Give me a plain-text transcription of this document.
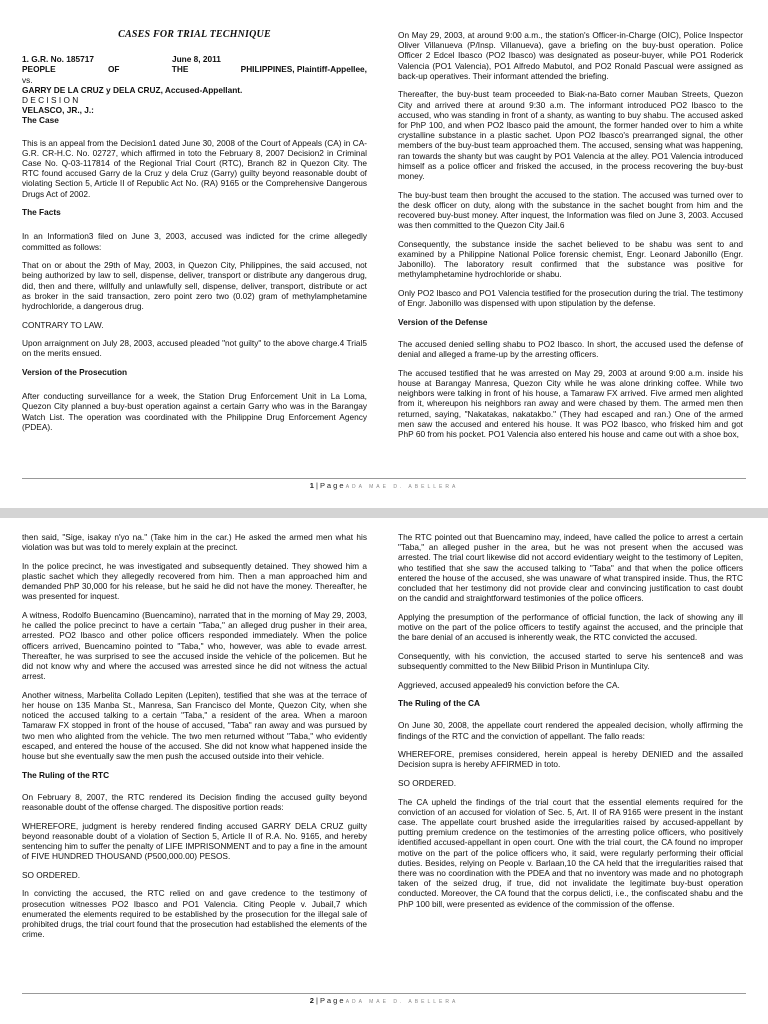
CASES FOR TRIAL TECHNIQUE
1. G.R. No. 185717	June 8, 2011
PEOPLE	OF	THE	PHILIPPINES, Plaintiff-Appellee,
vs.
GARRY DE LA CRUZ y DELA CRUZ, Accused-Appellant.
D E C I S I O N
VELASCO, JR., J.:

The Case

This is an appeal from the Decision1 dated June 30, 2008 of the Court of Appeals (CA) in CA-G.R. CR-H.C. No. 02727, which affirmed in toto the February 8, 2007 Decision2 in Criminal Case No. Q-03-117814 of the Regional Trial Court (RTC), Branch 82 in Quezon City. The RTC found accused Garry de la Cruz y dela Cruz (Garry) guilty beyond reasonable doubt of violating Section 5, Article II of Republic Act No. (RA) 9165 or the Comprehensive Dangerous Drugs Act of 2002.

The Facts

In an Information3 filed on June 3, 2003, accused was indicted for the crime allegedly committed as follows:

That on or about the 29th of May, 2003, in Quezon City, Philippines, the said accused, not being authorized by law to sell, dispense, deliver, transport or distribute any dangerous drug, did, then and there, willfully and unlawfully sell, dispense, deliver, transport, distribute or act as broker in the said transaction, zero point zero two (0.02) gram of methylamphetamine hydrochloride, a dangerous drug.

CONTRARY TO LAW.

Upon arraignment on July 28, 2003, accused pleaded "not guilty" to the above charge.4 Trial5 on the merits ensued.

Version of the Prosecution

After conducting surveillance for a week, the Station Drug Enforcement Unit in La Loma, Quezon City planned a buy-bust operation against a certain Garry who was in the Barangay Watch List. The operation was coordinated with the Philippine Drug Enforcement Agency (PDEA).

On May 29, 2003, at around 9:00 a.m., the station's Officer-in-Charge (OIC), Police Inspector Oliver Villanueva (P/Insp. Villanueva), gave a briefing on the buy-bust operation. Police Officer 2 Edcel Ibasco (PO2 Ibasco) was designated as poseur-buyer, while PO1 Roderick Valencia (PO1 Valencia), PO1 Alfredo Mabutol, and PO2 Ronald Pascual were assigned as back-up operatives. Their informant attended the briefing.

Thereafter, the buy-bust team proceeded to Biak-na-Bato corner Mauban Streets, Quezon City and arrived there at around 9:30 a.m. The informant introduced PO2 Ibasco to the accused, who was standing in front of a shanty, as wanting to buy shabu. The accused asked for PhP 100, and when PO2 Ibasco paid the amount, the former handed over to him a white crystalline substance in a plastic sachet. Upon PO2 Ibasco's prearranged signal, the other members of the buy-bust team approached them. The accused, sensing what was happening, ran towards the shanty but was caught by PO1 Valencia at the alley. PO1 Valencia introduced himself as a police officer and frisked the accused, in the process recovering the buy-bust money.

The buy-bust team then brought the accused to the station. The accused was turned over to the desk officer on duty, along with the substance in the sachet bought from him and the recovered buy-bust money. After inquest, the Information was filed on June 3, 2003. Accused was then committed to the Quezon City Jail.6

Consequently, the substance inside the sachet believed to be shabu was sent to and examined by a Philippine National Police forensic chemist, Engr. Leonard Jabonillo (Engr. Jabonillo). The laboratory result confirmed that the substance was positive for methylamphetamine hydrochloride or shabu.

Only PO2 Ibasco and PO1 Valencia testified for the prosecution during the trial. The testimony of Engr. Jabonillo was dispensed with upon stipulation by the defense.

Version of the Defense

The accused denied selling shabu to PO2 Ibasco. In short, the accused used the defense of denial and alleged a frame-up by the arresting officers.

The accused testified that he was arrested on May 29, 2003 at around 9:00 a.m. inside his house at Barangay Manresa, Quezon City while he was alone drinking coffee. While two neighbors were talking in front of his house, a Tamaraw FX arrived. Five armed men alighted from it, whereupon his neighbors ran away and were chased by them. The armed men then returned, saying, "Nakatakas, nakatakbo." (They had escaped and ran.) One of the armed men saw the accused and entered his house. It was PO2 Ibasco, who frisked him and got PhP 60 from his pocket. PO1 Valencia also entered his house and came out with a shoe box,

1 | P a g e ADA MAE D. ABELLERA

then said, "Sige, isakay n'yo na." (Take him in the car.) He asked the armed men what his violation was but was told to merely explain at the precinct.

In the police precinct, he was investigated and subsequently detained. They showed him a plastic sachet which they allegedly recovered from him. Then a man approached him and demanded PhP 30,000 for his release, but he said he did not have the money. Thereafter, he was presented for inquest.

A witness, Rodolfo Buencamino (Buencamino), narrated that in the morning of May 29, 2003, he called the police precinct to have a certain "Taba," an alleged drug pusher in their area, arrested. PO2 Ibasco and other police officers responded immediately. When the police officers arrived, Buencamino pointed to "Taba," who, however, was able to evade arrest. Thereafter, he was surprised to see the accused inside the vehicle of the policemen. But he did not know why and where the accused was arrested since he did not witness the actual arrest.

Another witness, Marbelita Collado Lepiten (Lepiten), testified that she was at the terrace of her house on 135 Manba St., Manresa, San Francisco del Monte, Quezon City, when she noticed the accused talking to a certain "Taba," a resident of the area. When a maroon Tamaraw FX stopped in front of the house of accused, "Taba" ran away and was pursued by two men who alighted from the vehicle. The two men returned without "Taba," who evidently escaped, and entered the house of the accused. She did not know what happened inside the house but she eventually saw the men push the accused outside into their vehicle.

The Ruling of the RTC

On February 8, 2007, the RTC rendered its Decision finding the accused guilty beyond reasonable doubt of the offense charged. The dispositive portion reads:

WHEREFORE, judgment is hereby rendered finding accused GARRY DELA CRUZ guilty beyond reasonable doubt of a violation of Section 5, Article II of R.A. No. 9165, and hereby sentencing him to suffer the penalty of LIFE IMPRISONMENT and to pay a fine in the amount of FIVE HUNDRED THOUSAND (P500,000.00) PESOS.

SO ORDERED.

In convicting the accused, the RTC relied on and gave credence to the testimony of prosecution witnesses PO2 Ibasco and PO1 Valencia. Citing People v. Jubail,7 which enumerated the elements required to be established by the prosecution for the illegal sale of prohibited drugs, the trial court found that the prosecution had established the elements of the crime.

The RTC pointed out that Buencamino may, indeed, have called the police to arrest a certain "Taba," an alleged pusher in the area, but he was not present when the accused was arrested. The trial court likewise did not accord evidentiary weight to the testimony of Lepiten, who testified that she saw the accused talking to "Taba" and that when the police officers entered the house of the accused, she was unaware of what transpired inside. Thus, the RTC concluded that her testimony did not provide clear and convincing justification to cast doubt on the candid and straightforward testimonies of the police officers.

Applying the presumption of the performance of official function, the lack of showing any ill motive on the part of the police officers to testify against the accused, and the principle that the bare denial of an accused is inherently weak, the RTC convicted the accused.

Consequently, with his conviction, the accused started to serve his sentence8 and was subsequently committed to the New Bilibid Prison in Muntinlupa City.

Aggrieved, accused appealed9 his conviction before the CA.

The Ruling of the CA

On June 30, 2008, the appellate court rendered the appealed decision, wholly affirming the findings of the RTC and the conviction of appellant. The fallo reads:

WHEREFORE, premises considered, herein appeal is hereby DENIED and the assailed Decision supra is hereby AFFIRMED in toto.

SO ORDERED.

The CA upheld the findings of the trial court that the essential elements required for the conviction of an accused for violation of Sec. 5, Art. II of RA 9165 were present in the instant case. The appellate court brushed aside the irregularities raised by accused-appellant by putting premium credence on the testimonies of the arresting police officers, who positively identified accused-appellant in open court. One with the trial court, the CA found no improper motive on the part of the police officers who, it said, were regularly performing their official duties. Besides, relying on People v. Barlaan,10 the CA held that the irregularities raised that there was no coordination with the PDEA and that no inventory was made and no photograph taken of the seized drug, if true, did not invalidate the legitimate buy-bust operation conducted. Moreover, the CA found that the corpus delicti, i.e., the confiscated shabu and the PhP 100 bill, were presented as evidence of the commission of the offense.

2 | P a g e ADA MAE D. ABELLERA
